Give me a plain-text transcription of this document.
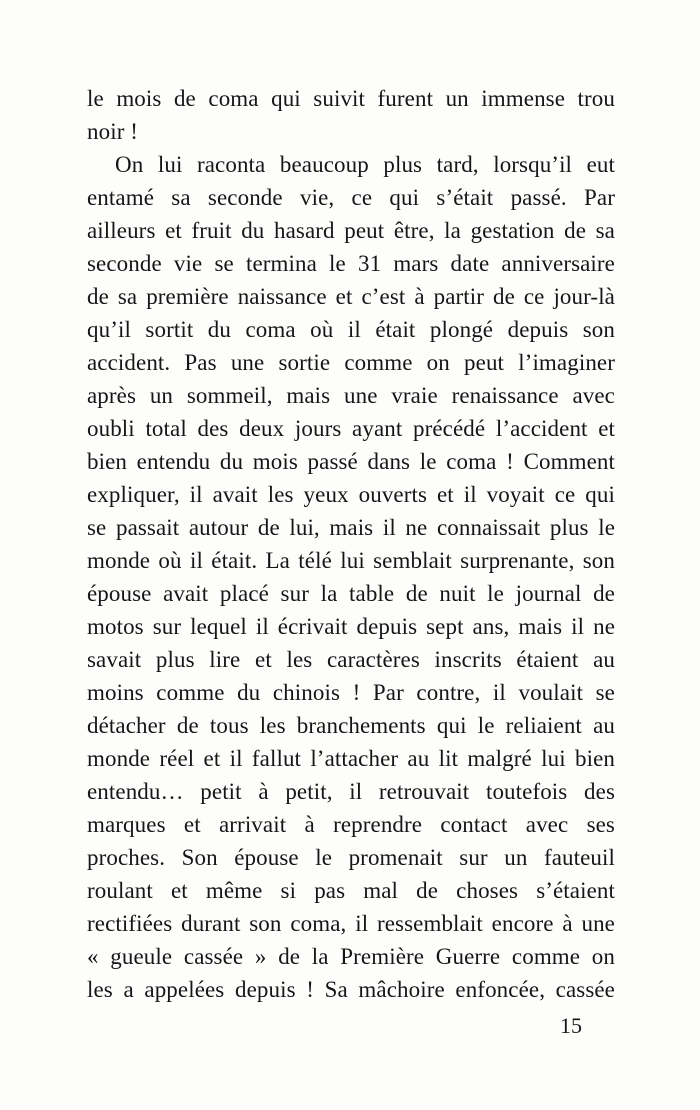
le mois de coma qui suivit furent un immense trou
noir !
On lui raconta beaucoup plus tard, lorsqu’il eut
entamé sa seconde vie, ce qui s’était passé. Par
ailleurs et fruit du hasard peut être, la gestation de sa
seconde vie se termina le 31 mars date anniversaire
de sa première naissance et c’est à partir de ce jour-là
qu’il sortit du coma où il était plongé depuis son
accident. Pas une sortie comme on peut l’imaginer
après un sommeil, mais une vraie renaissance avec
oubli total des deux jours ayant précédé l’accident et
bien entendu du mois passé dans le coma ! Comment
expliquer, il avait les yeux ouverts et il voyait ce qui
se passait autour de lui, mais il ne connaissait plus le
monde où il était. La télé lui semblait surprenante, son
épouse avait placé sur la table de nuit le journal de
motos sur lequel il écrivait depuis sept ans, mais il ne
savait plus lire et les caractères inscrits étaient au
moins comme du chinois ! Par contre, il voulait se
détacher de tous les branchements qui le reliaient au
monde réel et il fallut l’attacher au lit malgré lui bien
entendu… petit à petit, il retrouvait toutefois des
marques et arrivait à reprendre contact avec ses
proches. Son épouse le promenait sur un fauteuil
roulant et même si pas mal de choses s’étaient
rectifiées durant son coma, il ressemblait encore à une
« gueule cassée » de la Première Guerre comme on
les a appelées depuis ! Sa mâchoire enfoncée, cassée
15
